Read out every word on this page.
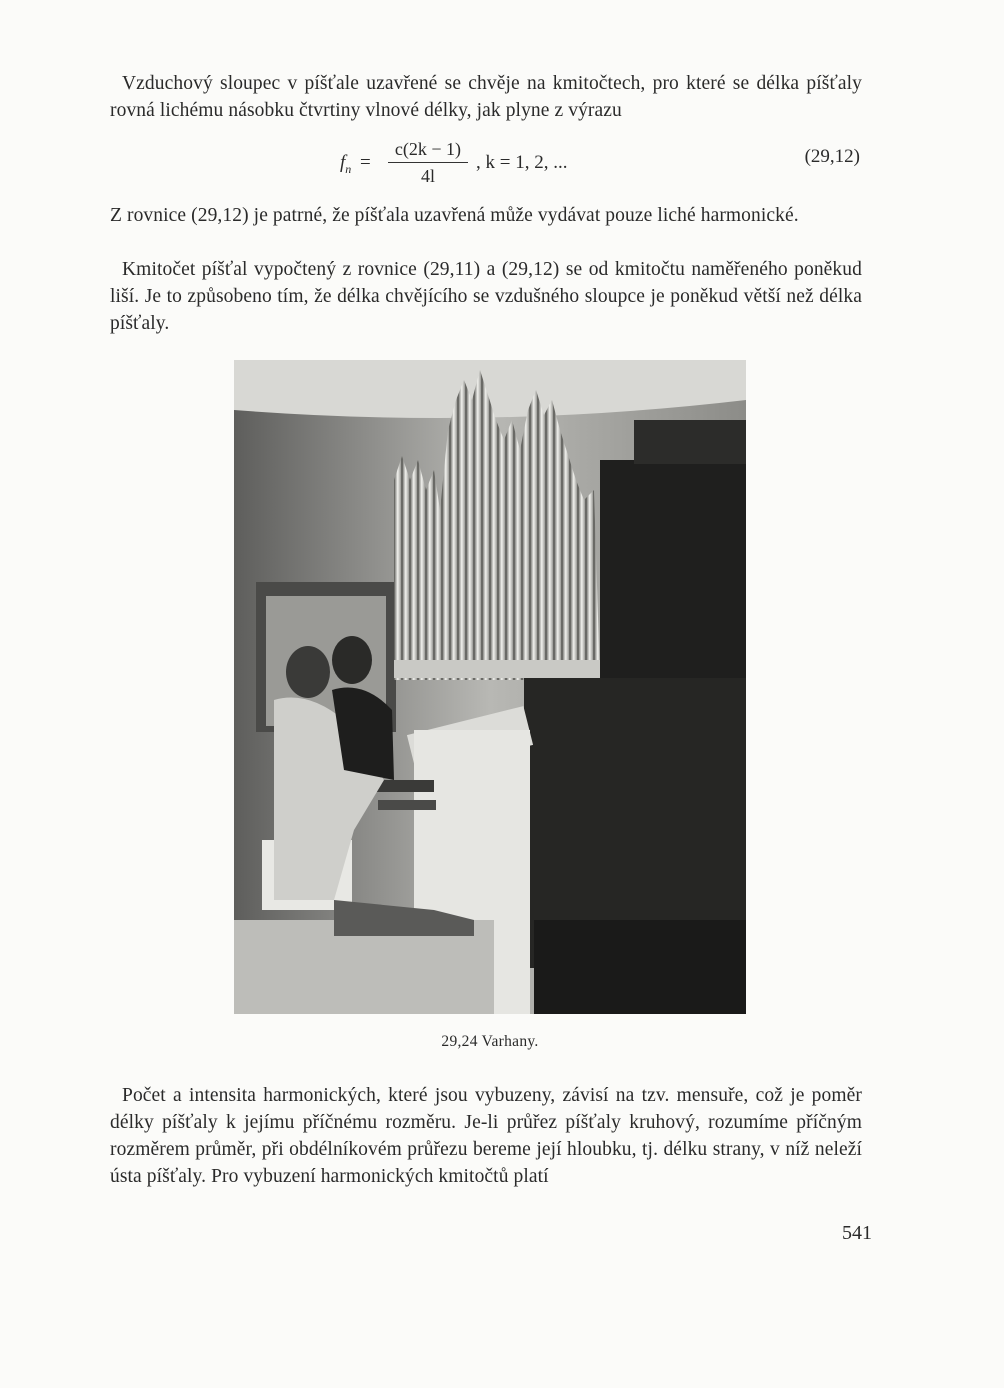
Vzduchový sloupec v píšťale uzavřené se chvěje na kmitočtech, pro které se délka píšťaly rovná lichému násobku čtvrtiny vlnové délky, jak plyne z výrazu

$f_n$ =
c(2k − 1)
4l
, k = 1, 2, ...	(29,12)

Z rovnice (29,12) je patrné, že píšťala uzavřená může vydávat pouze liché harmonické.

Kmitočet píšťal vypočtený z rovnice (29,11) a (29,12) se od kmitočtu naměřeného poněkud liší. Je to způsobeno tím, že délka chvějícího se vzdušného sloupce je poněkud větší než délka píšťaly.

29,24 Varhany.

Počet a intensita harmonických, které jsou vybuzeny, závisí na tzv. mensuře, což je poměr délky píšťaly k jejímu příčnému rozměru. Je-li průřez píšťaly kruhový, rozumíme příčným rozměrem průměr, při obdélníkovém průřezu bereme její hloubku, tj. délku strany, v níž neleží ústa píšťaly. Pro vybuzení harmonických kmitočtů platí

541
